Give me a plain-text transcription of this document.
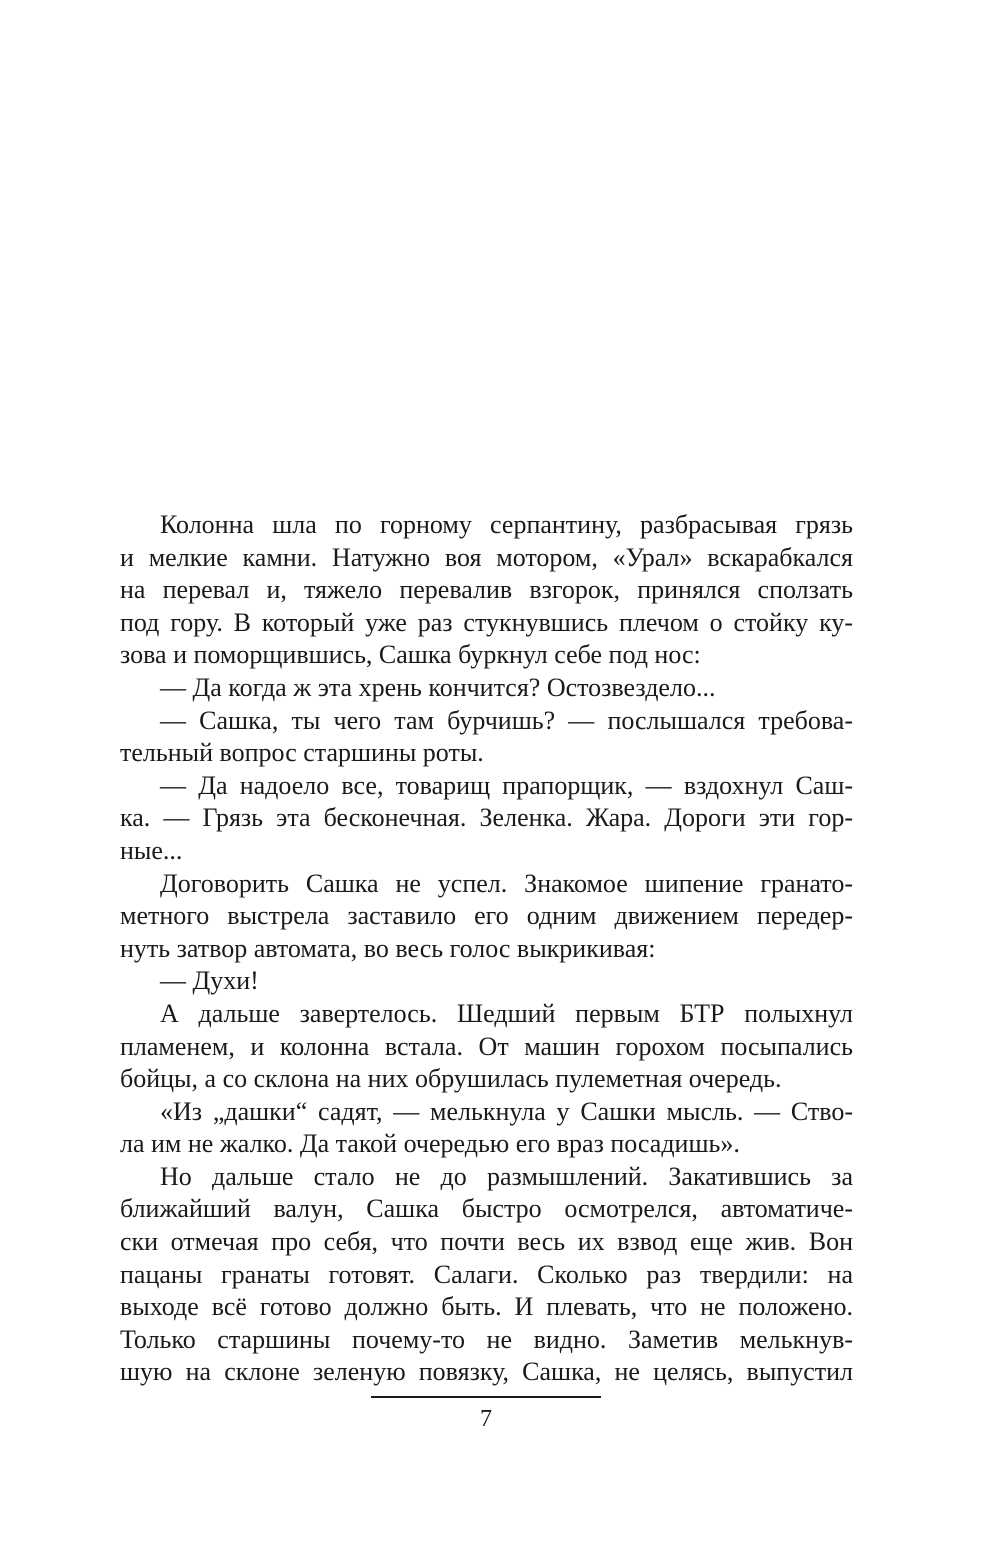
Колонна шла по горному серпантину, разбрасывая грязь
и мелкие камни. Натужно воя мотором, «Урал» вскарабкался
на перевал и, тяжело перевалив взгорок, принялся сползать
под гору. В который уже раз стукнувшись плечом о стойку ку-
зова и поморщившись, Сашка буркнул себе под нос:
— Да когда ж эта хрень кончится? Остозвездело...
— Сашка, ты чего там бурчишь? — послышался требова-
тельный вопрос старшины роты.
— Да надоело все, товарищ прапорщик, — вздохнул Саш-
ка. — Грязь эта бесконечная. Зеленка. Жара. Дороги эти гор-
ные...
Договорить Сашка не успел. Знакомое шипение гранато-
метного выстрела заставило его одним движением передер-
нуть затвор автомата, во весь голос выкрикивая:
— Духи!
А дальше завертелось. Шедший первым БТР полыхнул
пламенем, и колонна встала. От машин горохом посыпались
бойцы, а со склона на них обрушилась пулеметная очередь.
«Из „дашки“ садят, — мелькнула у Сашки мысль. — Ство-
ла им не жалко. Да такой очередью его враз посадишь».
Но дальше стало не до размышлений. Закатившись за
ближайший валун, Сашка быстро осмотрелся, автоматиче-
ски отмечая про себя, что почти весь их взвод еще жив. Вон
пацаны гранаты готовят. Салаги. Сколько раз твердили: на
выходе всё готово должно быть. И плевать, что не положено.
Только старшины почему-то не видно. Заметив мелькнув-
шую на склоне зеленую повязку, Сашка, не целясь, выпустил
7
